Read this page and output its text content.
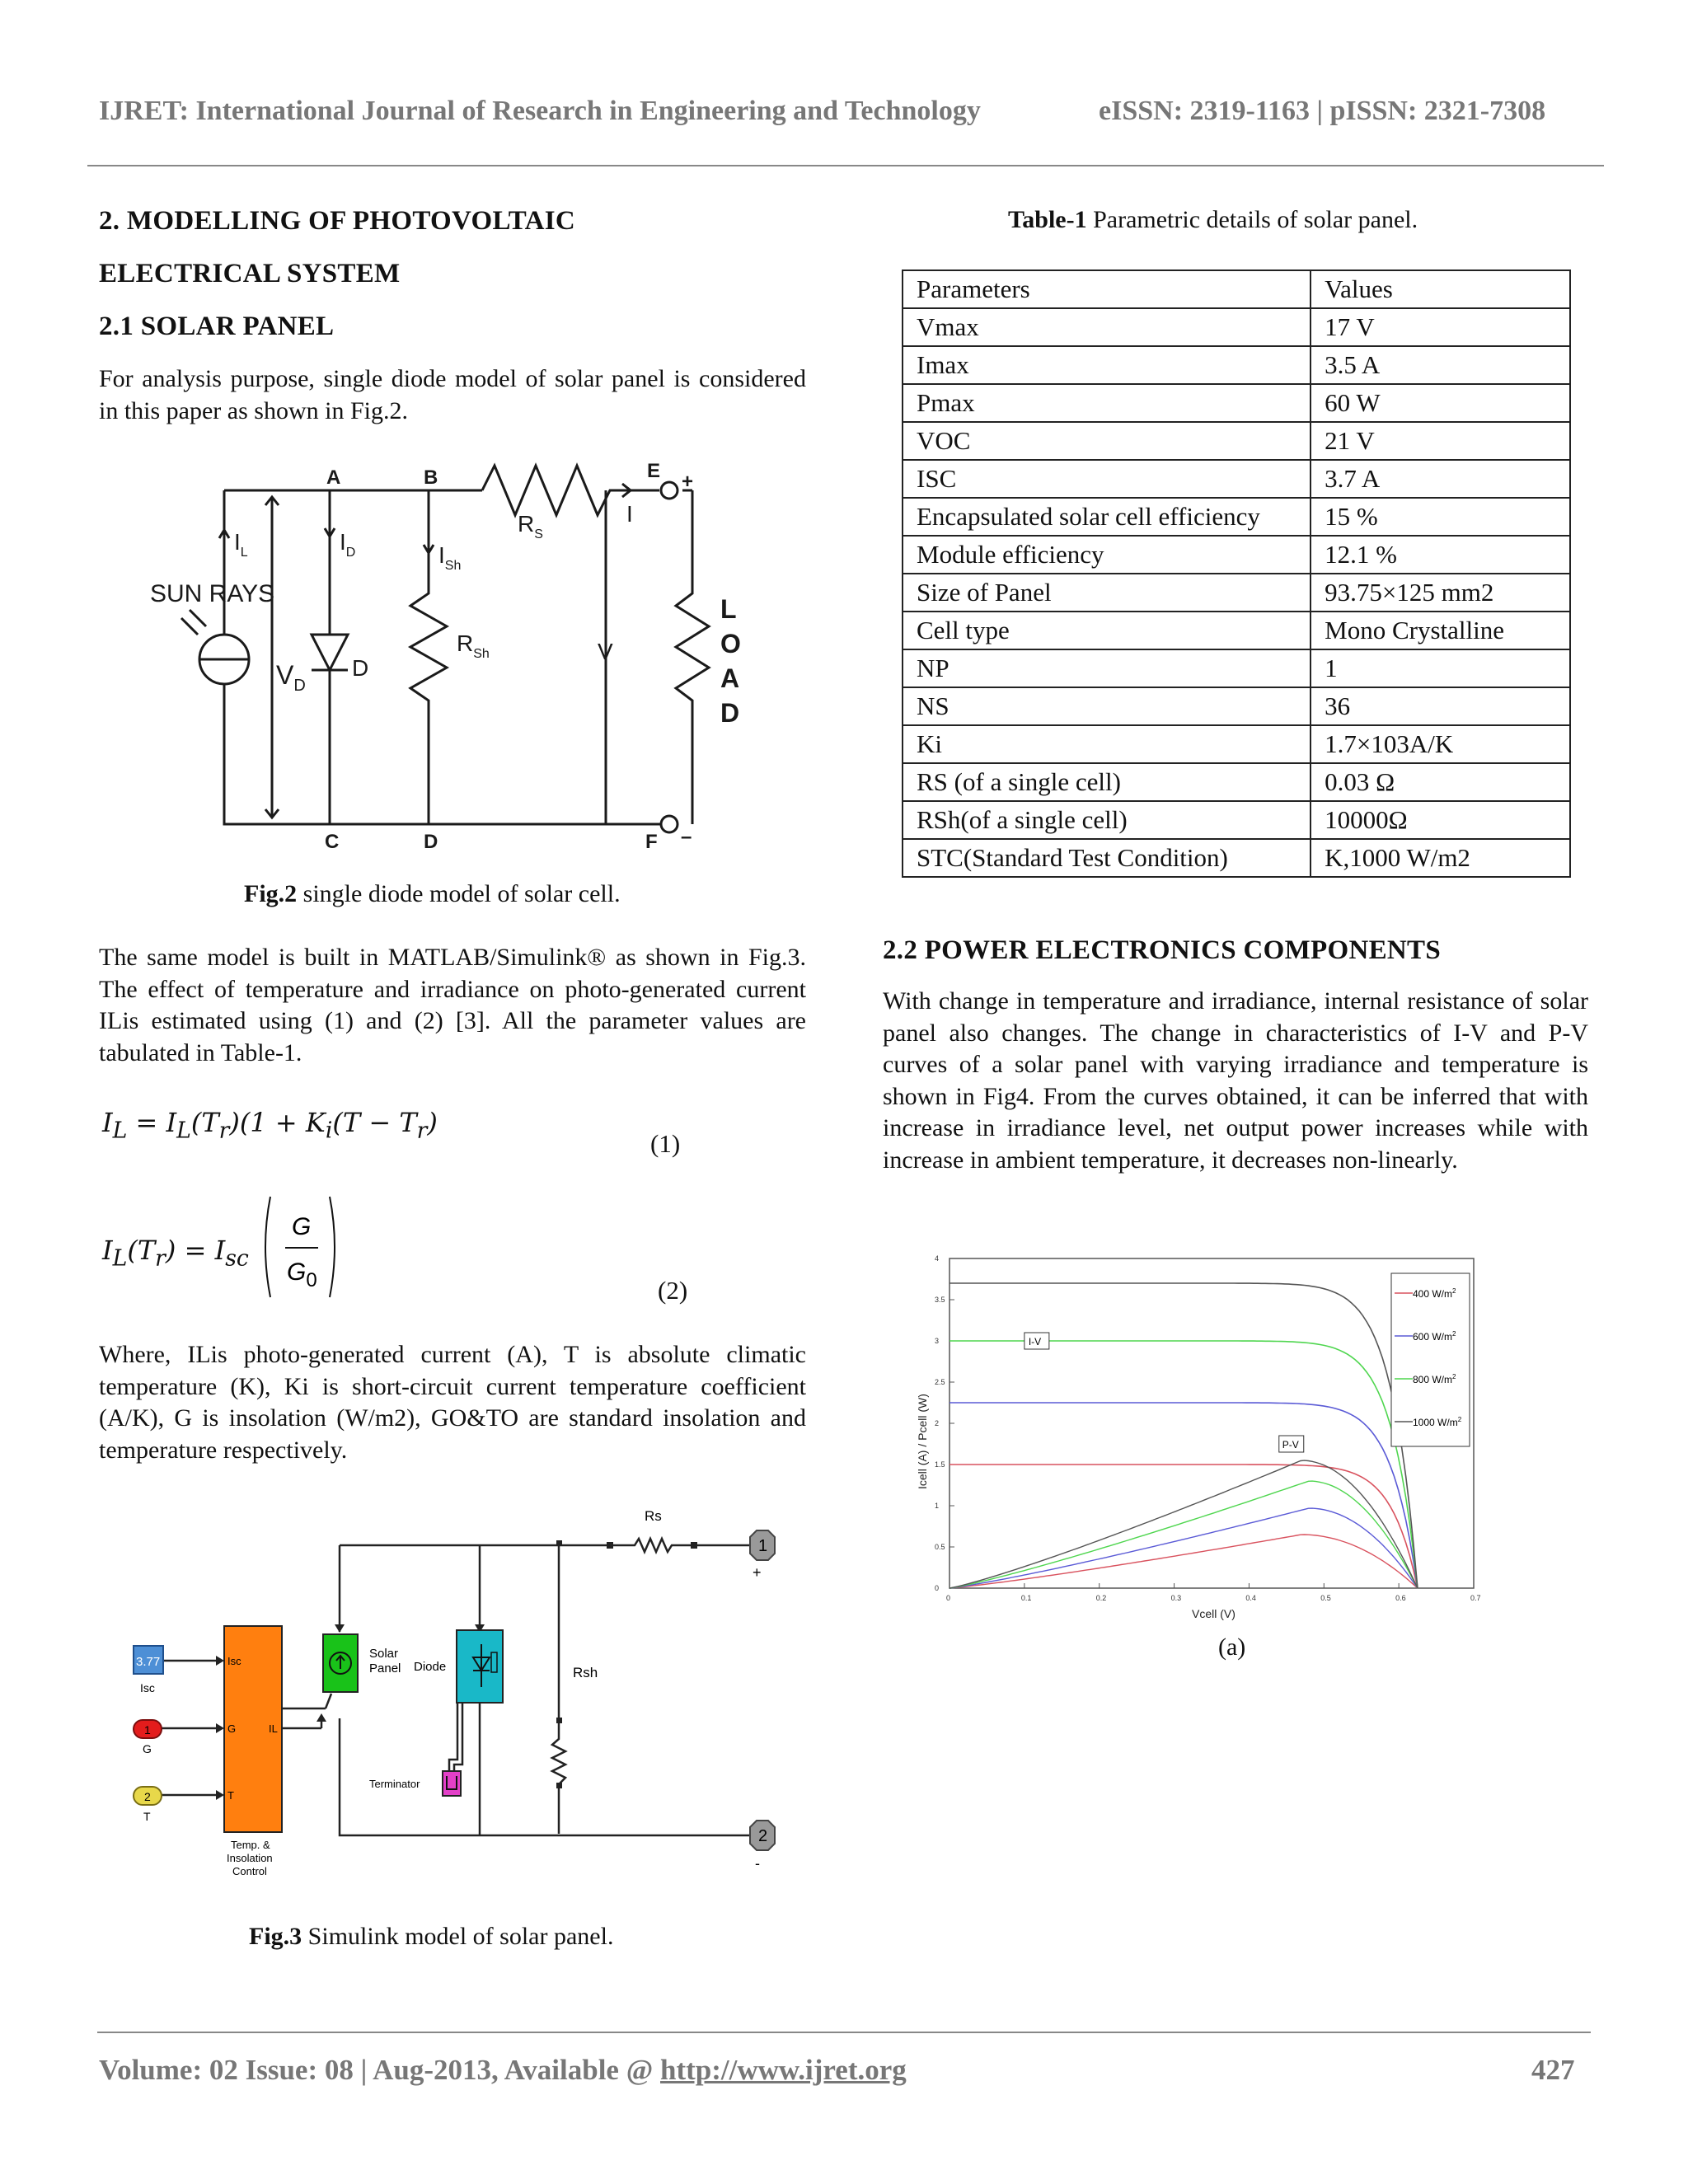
IJRET: International Journal of Research in Engineering and Technology	eISSN: 2319-1163 | pISSN: 2321-7308
2. MODELLING OF PHOTOVOLTAIC
ELECTRICAL SYSTEM
2.1 SOLAR PANEL
For analysis purpose, single diode model of solar panel is considered in this paper as shown in Fig.2.
A	B	E +
C	D	F –
$I_L$	$I_D$	$I_{Sh}$
$R_S$
$R_{Sh}$
I
V
$V_D$
D
SUN RAYS
L
O
A
D
Fig.2 single diode model of solar cell.
The same model is built in MATLAB/Simulink® as shown in Fig.3. The effect of temperature and irradiance on photo-generated current ILis estimated using (1) and (2) [3]. All the parameter values are tabulated in Table-1.
$I_L = I_L(T_r)(1 + K_i(T - T_r)$
(1)
$I_L(T_r) = I_{sc}$
G
$G_0$	(2)
Where, ILis photo-generated current (A), T is absolute climatic temperature (K), Ki is short-circuit current temperature coefficient (A/K), G is insolation (W/m2), GO&TO are standard insolation and temperature respectively.
1
2
+
-
Rs
Rsh
3.77
Isc
1
G
2
T
Isc
G
T
IL
Temp. &
Insolation
Control
Solar
Panel Diode
Terminator
Fig.3 Simulink model of solar panel.
Table-1 Parametric details of solar panel.
Parameters	Values
Vmax	17 V
Imax	3.5 A
Pmax	60 W
VOC	21 V
ISC	3.7 A
Encapsulated solar cell efficiency	15 %
Module efficiency	12.1 %
Size of Panel	93.75×125 mm2
Cell type	Mono Crystalline
NP	1
NS	36
Ki	1.7×103A/K
RS (of a single cell)	0.03 Ω
RSh(of a single cell)	10000Ω
STC(Standard Test Condition)	K,1000 W/m2
2.2 POWER ELECTRONICS COMPONENTS
With change in temperature and irradiance, internal resistance of solar panel also changes. The change in characteristics of I-V and P-V curves of a solar panel with varying irradiance and temperature is shown in Fig4. From the curves obtained, it can be inferred that with increase in irradiance level, net output power increases while with increase in ambient temperature, it decreases non-linearly.
0	0.1	0.2	0.3	0.4	0.5	0.6	0.7
0
0.5
1
1.5
2
2.5
3
3.5
4
Vcell (V)
Icell (A) / Pcell (W)
I-V
P-V
400 $W/m^2$
600 $W/m^2$
800 $W/m^2$
1000 $W/m^2$
(a)
Volume: 02 Issue: 08 | Aug-2013, Available @ http://www.ijret.org	427
